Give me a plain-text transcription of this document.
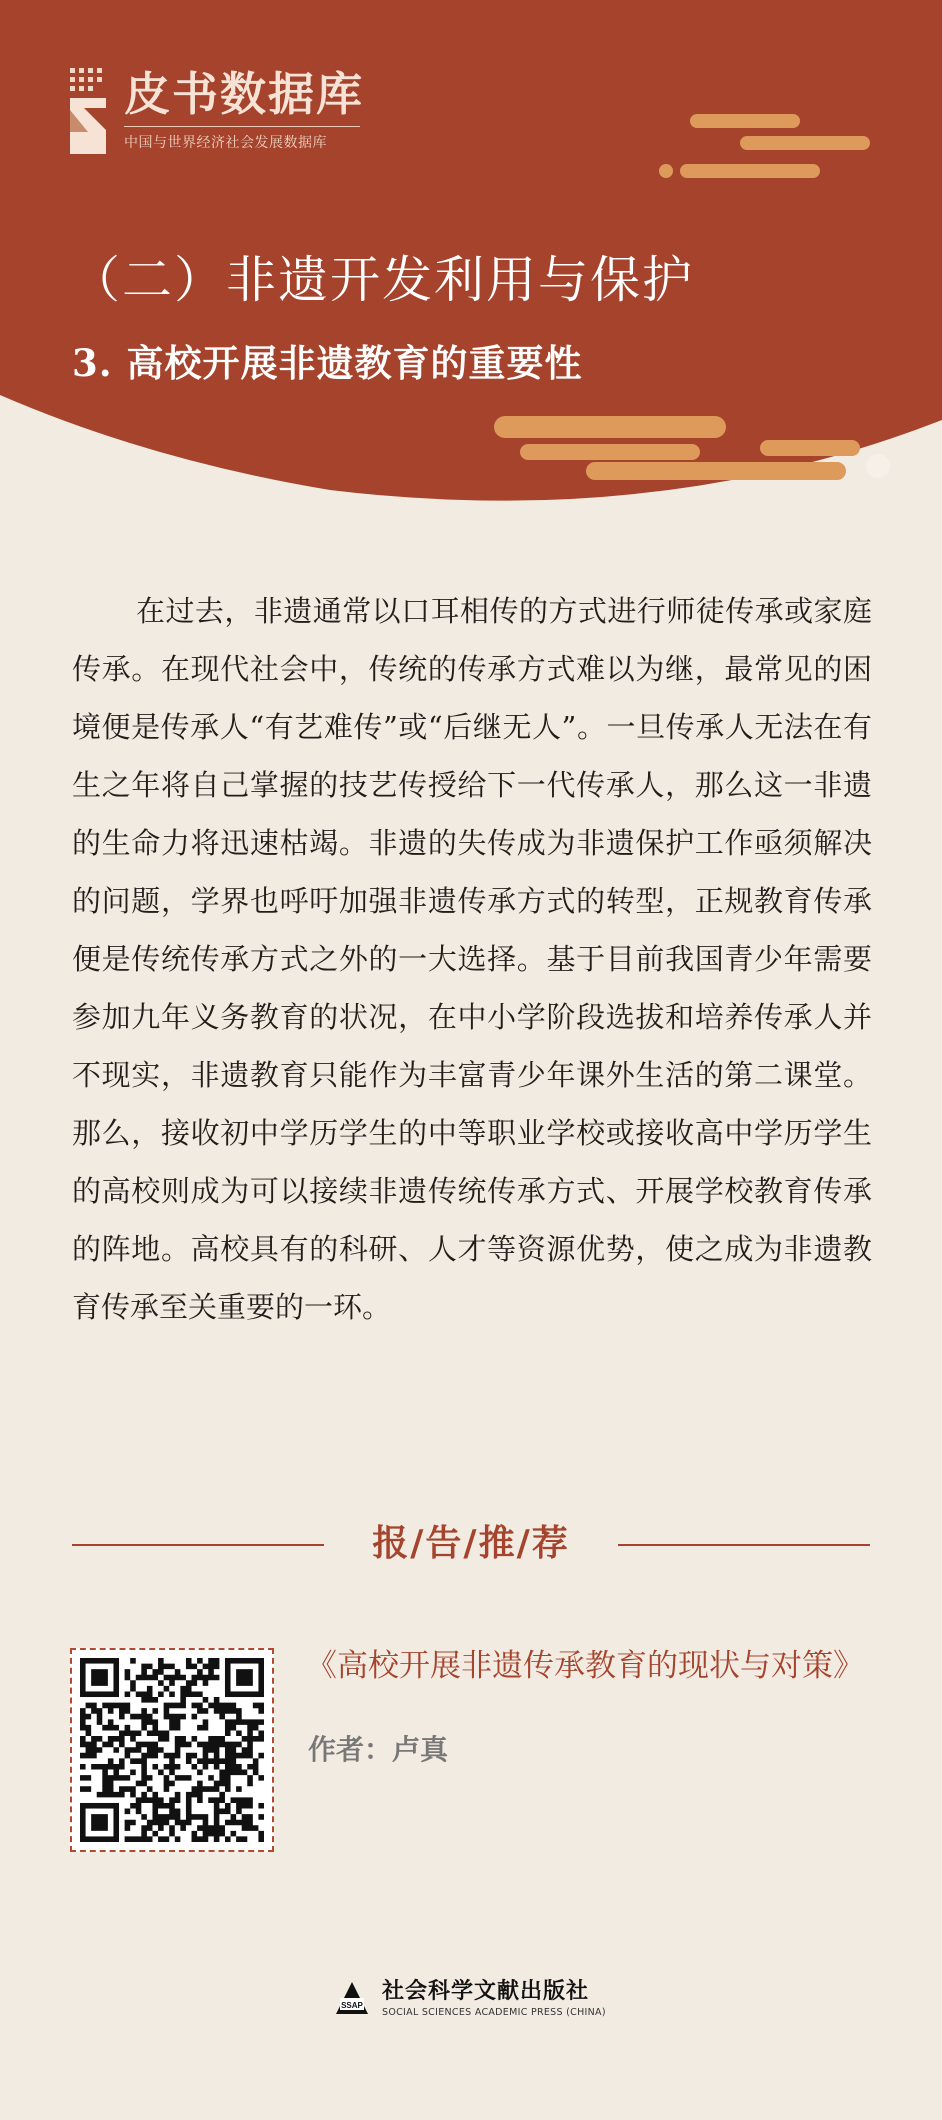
皮书数据库
中国与世界经济社会发展数据库
（二）非遗开发利用与保护
3. 高校开展非遗教育的重要性

在过去，非遗通常以口耳相传的方式进行师徒传承或家庭传承。在现代社会中，传统的传承方式难以为继，最常见的困境便是传承人“有艺难传”或“后继无人”。一旦传承人无法在有生之年将自己掌握的技艺传授给下一代传承人，那么这一非遗的生命力将迅速枯竭。非遗的失传成为非遗保护工作亟须解决的问题，学界也呼吁加强非遗传承方式的转型，正规教育传承便是传统传承方式之外的一大选择。基于目前我国青少年需要参加九年义务教育的状况，在中小学阶段选拔和培养传承人并不现实，非遗教育只能作为丰富青少年课外生活的第二课堂。那么，接收初中学历学生的中等职业学校或接收高中学历学生的高校则成为可以接续非遗传统传承方式、开展学校教育传承的阵地。高校具有的科研、人才等资源优势，使之成为非遗教育传承至关重要的一环。

报/告/推/荐
《高校开展非遗传承教育的现状与对策》
作者：卢真
SSAP
社会科学文献出版社
SOCIAL SCIENCES ACADEMIC PRESS (CHINA)
